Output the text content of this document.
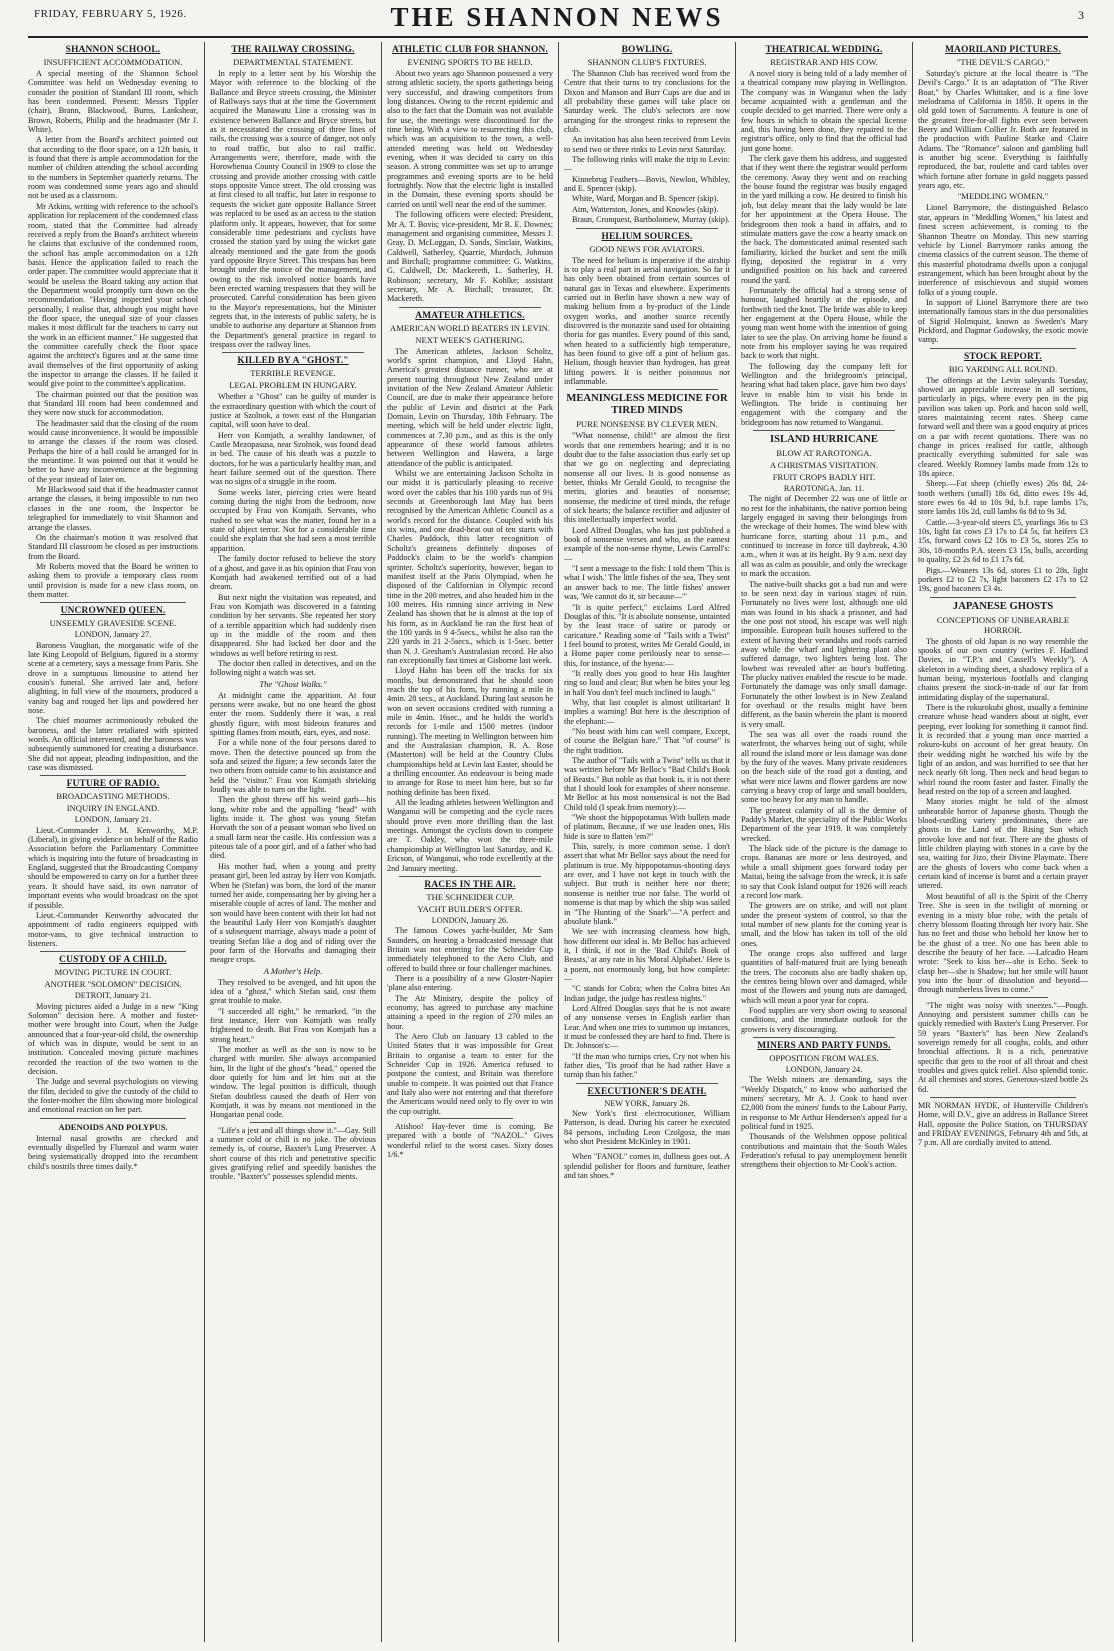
FRIDAY, FEBRUARY 5, 1926.	THE SHANNON NEWS	3
SHANNON SCHOOL.
INSUFFICIENT ACCOMMODATION.

A special meeting of the Shannon School Committee was held on Wednesday evening to consider the position of Standard III room, which has been condemned. Present: Messrs Tippler (chair), Brann, Blackwood, Burns, Lankshear, Brown, Roberts, Philip and the headmaster (Mr J. White).

A letter from the Board's architect pointed out that according to the floor space, on a 12ft basis, it is found that there is ample accommodation for the number of children attending the school according to the numbers in September quarterly returns. The room was condemned some years ago and should not be used as a classroom.

Mr Atkins, writing with reference to the school's application for replacement of the condemned class room, stated that the Committee had already received a reply from the Board's architect wherein he claims that exclusive of the condemned room, the school has ample accommodation on a 12ft basis. Hence the application failed to reach the order paper. The committee would appreciate that it would be useless the Board taking any action that the Department would promptly turn down on the recommendation. "Having inspected your school personally, I realise that, although you might have the floor space, the unequal size of your classes makes it most difficult for the teachers to carry out the work in an efficient manner." He suggested that the committee carefully check the floor space against the architect's figures and at the same time avail themselves of the first opportunity of asking the inspector to arrange the classes. If he failed it would give point to the committee's application.

The chairman pointed out that the position was that Standard III room had been condemned and they were now stuck for accommodation.

The headmaster said that the closing of the room would cause inconvenience. It would be impossible to arrange the classes if the room was closed. Perhaps the hire of a hall could be arranged for in the meantime. It was pointed out that it would be better to have any inconvenience at the beginning of the year instead of later on.

Mr Blackwood said that if the headmaster cannot arrange the classes, it being impossible to run two classes in the one room, the Inspector be telegraphed for immediately to visit Shannon and arrange the classes.

On the chairman's motion it was resolved that Standard III classroom be closed as per instructions from the Board.

Mr Roberts moved that the Board be written to asking them to provide a temporary class room until provision is made for a new class room, on them matter.

UNCROWNED QUEEN.
UNSEEMLY GRAVESIDE SCENE.
LONDON, January 27.

Baroness Vaughan, the morganatic wife of the late King Leopold of Belgium, figured in a stormy scene at a cemetery, says a message from Paris. She drove in a sumptuous limousine to attend her cousin's funeral. She arrived late and, before alighting, in full view of the mourners, produced a vanity bag and rouged her lips and powdered her nose.

The chief mourner acrimoniously rebuked the baroness, and the latter retaliated with spirited words. An official intervened, and the baroness was subsequently summoned for creating a disturbance. She did not appear, pleading indisposition, and the case was dismissed.

FUTURE OF RADIO.
BROADCASTING METHODS.
INQUIRY IN ENGLAND.
LONDON, January 21.

Lieut.-Commander J. M. Kenworthy, M.P. (Liberal), in giving evidence on behalf of the Radio Association before the Parliamentary Committee which is inquiring into the future of broadcasting in England, suggested that the Broadcasting Company should be empowered to carry on for a further three years. It should have said, its own narrator of important events who would broadcast on the spot if possible.

Lieut.-Commander Kenworthy advocated the appointment of radio engineers equipped with motor-vans, to give technical instruction to listeners.

CUSTODY OF A CHILD.
MOVING PICTURE IN COURT.
ANOTHER "SOLOMON" DECISION.
DETROIT, January 21.

Moving pictures aided a Judge in a new "King Solomon" decision here. A mother and foster-mother were brought into Court, when the Judge announced that a four-year-old child, the ownership of which was in dispute, would be sent to an institution. Concealed moving picture machines recorded the reaction of the two women to the decision.

The Judge and several psychologists on viewing the film, decided to give the custody of the child to the foster-mother the film showing more biological and emotional reaction on her part.

ADENOIDS AND POLYPUS.

Internal nasal growths are checked and eventually dispelled by Fluenzol and warm water being systematically dropped into the recumbent child's nostrils three times daily.*

THE RAILWAY CROSSING.
DEPARTMENTAL STATEMENT.

In reply to a letter sent by his Worship the Mayor with reference to the blocking of the Ballance and Bryce streets crossing, the Minister of Railways says that at the time the Government acquired the Manawatu Line a crossing was in existence between Ballance and Bryce streets, but as it necessitated the crossing of three lines of rails, the crossing was a source of danger, not only to road traffic, but also to rail traffic. Arrangements were, therefore, made with the Horowhenua County Council in 1909 to close the crossing and provide another crossing with cattle stops opposite Vance street. The old crossing was at first closed to all traffic, but later in response to requests the wicket gate opposite Ballance Street was replaced to be used as an access to the station platform only. It appears, however, that for some considerable time pedestrians and cyclists have crossed the station yard by using the wicket gate already mentioned and the gate from the goods yard opposite Bryce Street. This trespass has been brought under the notice of the management, and owing to the risk involved notice boards have been erected warning trespassers that they will be prosecuted. Careful consideration has been given to the Mayor's representations, but the Minister regrets that, in the interests of public safety, he is unable to authorise any departure at Shannon from the Department's general practice in regard to trespass over the railway lines.

KILLED BY A "GHOST."
TERRIBLE REVENGE.
LEGAL PROBLEM IN HUNGARY.

Whether a "Ghost" can be guilty of murder is the extraordinary question with which the court of justice at Szolnok, a town east of the Hungarian capital, will soon have to deal.

Herr von Komjath, a wealthy landowner, of Castle Mezopasusa, near Szolnok, was found dead in bed. The cause of his death was a puzzle to doctors, for he was a particularly healthy man, and heart failure seemed out of the question. There was no signs of a struggle in the room.

Some weeks later, piercing cries were heard coming during the night from the bedroom, now occupied by Frau von Komjath. Servants, who rushed to see what was the matter, found her in a state of abject terror. Not for a considerable time could she explain that she had seen a most terrible apparition.

The family doctor refused to believe the story of a ghost, and gave it as his opinion that Frau von Komjath had awakened terrified out of a bad dream.

But next night the visitation was repeated, and Frau von Komjath was discovered in a fainting condition by her servants. She repeated her story of a terrible apparition which had suddenly risen up in the middle of the room and then disappeared. She had locked her door and the windows as well before retiring to rest.

The doctor then called in detectives, and on the following night a watch was set.

The "Ghost Walks."

At midnight came the apparition. At four persons were awake, but no one heard the ghost enter the room. Suddenly there it was, a real ghostly figure, with most hideous features and spitting flames from mouth, ears, eyes, and nose.

For a while none of the four persons dared to move. Then the detective pounced up from the sofa and seized the figure; a few seconds later the two others from outside came to his assistance and held the "visitor." Frau von Komjath shrieking loudly was able to turn on the light.

Then the ghost threw off his weird garb—his long, white robe and the appalling "head" with lights inside it. The ghost was young Stefan Horvath the son of a peasant woman who lived on a small farm near the castle. His confession was a piteous tale of a poor girl, and of a father who had died.

His mother had, when a young and pretty peasant girl, been led astray by Herr von Komjath. When he (Stefan) was born, the lord of the manor turned her aside, compensating her by giving her a miserable couple of acres of land. The mother and son would have been content with their lot had not the beautiful Lady Herr von Komjath's daughter of a subsequent marriage, always made a point of treating Stefan like a dog and of riding over the poor farm of the Horvaths and damaging their meagre crops.

A Mother's Help.

They resolved to be avenged, and hit upon the idea of a "ghost," which Stefan said, cost them great trouble to make.

"I succeeded all right," he remarked, "in the first instance, Herr von Komjath was really frightened to death. But Frau von Komjath has a strong heart."

The mother as well as the son is now to be charged with murder. She always accompanied him, lit the light of the ghost's "head," opened the door quietly for him and let him out at the window. The legal position is difficult, though Stefan doubtless caused the death of Herr von Komjath, it was by means not mentioned in the Hungarian penal code.

"Life's a jest and all things show it."—Gay. Still a summer cold or chill is no joke. The obvious remedy is, of course, Baxter's Lung Preserver. A short course of this rich and penetrative specific gives gratifying relief and speedily banishes the trouble. "Baxter's" possesses splendid ments.

ATHLETIC CLUB FOR SHANNON.
EVENING SPORTS TO BE HELD.

About two years ago Shannon possessed a very strong athletic society, the sports gatherings being very successful, and drawing competitors from long distances. Owing to the recent epidemic and also to the fact that the Domain was not available for use, the meetings were discontinued for the time being. With a view to resurrecting this club, which was an acquisition to the town, a well-attended meeting was held on Wednesday evening, when it was decided to carry on this season. A strong committee was set up to arrange programmes and evening sports are to be held fortnightly. Now that the electric light is installed in the Domain, these evening sports should be carried on until well near the end of the summer.

The following officers were elected: President, Mr A. T. Bovis; vice-president, Mr R. E. Downes; management and organising committee, Messrs J. Gray, D. McLoggan, D. Sands, Sinclair, Watkins, Caldwell, Satherley, Quarrie, Murdoch, Johnson and Birchall; programme committee: G. Watkins, G. Caldwell, Dr. Mackereth, L. Satherley, H. Robinson; secretary, Mr F. Kohlke; assistant secretary, Mr A. Birchall; treasurer, Dr. Mackereth.

AMATEUR ATHLETICS.
AMERICAN WORLD BEATERS IN LEVIN.
NEXT WEEK'S GATHERING.

The American athletes, Jackson Scholtz, world's sprint champion, and Lloyd Hahn, America's greatest distance runner, who are at present touring throughout New Zealand under invitation of the New Zealand Amateur Athletic Council, are due to make their appearance before the public of Levin and district at the Park Domain, Levin on Thursday, 18th February. The meeting, which will be held under electric light, commences at 7.30 p.m., and as this is the only appearance of these world famous athletes between Wellington and Hawera, a large attendance of the public is anticipated.

Whilst we are entertaining Jackson Scholtz in our midst it is particularly pleasing to receive word over the cables that his 100 yards run of 9¾ seconds at Greenborough last May has been recognised by the American Athletic Council as a world's record for the distance. Coupled with his six wins, and one dead-heat out of ten starts with Charles Paddock, this latter recognition of Scholtz's greatness definitely disposes of Paddock's claim to be the world's champion sprinter. Scholtz's superiority, however, began to manifest itself at the Paris Olympiad, when he disposed of the Californian in Olympic record time in the 200 metres, and also headed him in the 100 metres. His running since arriving in New Zealand has shown that he is almost at the top of his form, as in Auckland he ran the first heat of the 100 yards in 9 4-5secs., whilst he also ran the 220 yards in 21 2-5secs., which is 1-5sec. better than N. J. Gresham's Australasian record. He also ran exceptionally fast times at Gisborne last week.

Lloyd Hahn has been off the tracks for six months, but demonstrated that he should soon reach the top of his form, by running a mile in 4min. 28 secs., at Auckland. During last season he won on seven occasions credited with running a mile in 4min. 16sec., and he holds the world's records for 1-mile and 1500 metres (indoor running). The meeting in Wellington between him and the Australasian champion, R. A. Rose (Masterton) will be held at the Country Clubs championships held at Levin last Easter, should be a thrilling encounter. An endeavour is being made to arrange for Rose to meet him here, but so far nothing definite has been fixed.

All the leading athletes between Wellington and Wanganui will be competing and the cycle races should prove even more thrilling than the last meetings. Amongst the cyclists down to compete are T. Oakley, who won the three-mile championship at Wellington last Saturday, and K. Ericson, of Wanganui, who rode excellently at the 2nd January meeting.

RACES IN THE AIR.
THE SCHNEIDER CUP.
YACHT BUILDER'S OFFER.
LONDON, January 26.

The famous Cowes yacht-builder, Mr Sam Saunders, on hearing a broadcasted message that Britain was not entering for the Schneider Cup immediately telephoned to the Aero Club, and offered to build three or four challenger machines.

There is a possibility of a new Gloster-Napier 'plane also entering.

The Air Ministry, despite the policy of economy, has agreed to purchase any machine attaining a speed in the region of 270 miles an hour.

The Aero Club on January 13 cabled to the United States that it was impossible for Great Britain to organise a team to enter for the Schneider Cup in 1926. America refused to postpone the contest, and Britain was therefore unable to compete. It was pointed out that France and Italy also were not entering and that therefore the Americans would need only to fly over to win the cup outright.

Atishoo! Hay-fever time is coming. Be prepared with a bottle of "NAZOL." Gives wonderful relief to the worst cases. Sixty doses 1/6.*

BOWLING.
SHANNON CLUB'S FIXTURES.

The Shannon Club has received word from the Centre that their turns to try conclusions for the Dixon and Manson and Burr Cups are due and in all probability these games will take place on Saturday week. The club's selectors are now arranging for the strongest rinks to represent the club.

An invitation has also been received from Levin to send two or three rinks to Levin next Saturday.

The following rinks will make the trip to Levin:—

Kinnebrug Feathers—Bovis, Newlon, Whibley, and E. Spencer (skip).

White, Ward, Morgan and B. Spencer (skip).

Aim, Watterston, Jones, and Knowles (skip).

Braun, Cronquest, Bartholomew, Murray (skip).

HELIUM SOURCES.
GOOD NEWS FOR AVIATORS.

The need for helium is imperative if the airship is to play a real part in aerial navigation. So far it has only been obtained from certain sources of natural gas in Texas and elsewhere. Experiments carried out in Berlin have shown a new way of making helium from a by-product of the Linde oxygen works, and another source recently discovered is the monazite sand used for obtaining thoria for gas mantles. Every pound of this sand, when heated to a sufficiently high temperature, has been found to give off a pint of helium gas. Helium, though heavier than hydrogen, has great lifting powers. It is neither poisonous nor inflammable.

MEANINGLESS MEDICINE FOR TIRED MINDS
PURE NONSENSE BY CLEVER MEN.

"What nonsense, child!" are almost the first words that one remembers hearing; and it is no doubt due to the false association thus early set up that we go on neglecting and depreciating nonsense all our lives. It is good nonsense as better, thinks Mr Gerald Gould, to recognise the merits, glories and beauties of nonsense; nonsense, the medicine of tired minds, the refuge of sick hearts; the balance rectifier and adjuster of this intellectually imperfect world.

Lord Alfred Douglas, who has just published a book of nonsense verses and who, as the earnest example of the non-sense rhyme, Lewis Carroll's:—

"I sent a message to the fish: I told them 'This is what I wish.' The little fishes of the sea, They sent an answer back to me. The little fishes' answer was, 'We cannot do it, sir because—'"

"It is quite perfect," exclaims Lord Alfred Douglas of this. "It is absolute nonsense, untainted by the least trace of satire or parody or caricature." Reading some of "Tails with a Twist" I feel bound to protest, writes Mr Gerald Gould, in a Home paper come perilously near to sense—this, for instance, of the hyena:—

"It really does you good to hear His laughter ring so loud and clear; But when he bites your leg in half You don't feel much inclined to laugh."

Why, that last couplet is almost utilitarian! It implies a warning! But here is the description of the elephant:—

"No beast with him can well compare, Except, of course the Belgian hare." That "of course" is the right tradition.

The author of "Tails with a Twist" tells us that it was written before Mr Belloc's "Bad Child's Book of Beasts." But noble as that book is, it is not there that I should look for examples of sheer nonsense. Mr Belloc at his most nonsensical is not the Bad Child told (I speak from memory):—

"We shoot the hippopotamus With bullets made of platinum, Because, if we use leaden ones, His hide is sure to flatten 'em?"

This, surely, is more common sense. I don't assert that what Mr Belloc says about the need for platinum is true. My hippopotamus-shooting days are over, and I have not kept in touch with the subject. But truth is neither here nor there; nonsense is neither true nor false. The world of nonsense is that map by which the ship was sailed in "The Hunting of the Snark"—"A perfect and absolute blank."

We see with increasing clearness how high, how different our ideal is. Mr Belloc has achieved it, I think, if not in the 'Bad Child's Book of Beasts,' at any rate in his 'Moral Alphabet.' Here is a poem, not enormously long, but how complete:—

"C stands for Cobra; when the Cobra bites An Indian judge, the judge has restless nights."

Lord Alfred Douglas says that he is not aware of any nonsense verses in English earlier than Lear. And when one tries to summon up instances, it must be confessed they are hard to find. There is Dr. Johnson's:—

"If the man who turnips cries, Cry not when his father dies, 'Tis proof that he had rather Have a turnip than his father."

EXECUTIONER'S DEATH.
NEW YORK, January 26.

New York's first electrocutioner, William Patterson, is dead. During his career he executed 84 persons, including Leon Czolgosz, the man who shot President McKinley in 1901.

When "FANOL" comes in, dullness goes out. A splendid polisher for floors and furniture, leather and tan shoes.*

THEATRICAL WEDDING.
REGISTRAR AND HIS COW.

A novel story is being told of a lady member of a theatrical company now playing in Wellington. The company was in Wanganui when the lady became acquainted with a gentleman and the couple decided to get married. There were only a few hours in which to obtain the special license and, this having been done, they repaired to the registrar's office, only to find that the official had just gone home.

The clerk gave them his address, and suggested that if they went there the registrar would perform the ceremony. Away they went and on reaching the house found the registrar was busily engaged in the yard milking a cow. He desired to finish his job, but delay meant that the lady would be late for her appointment at the Opera House. The bridegroom then took a hand in affairs, and to stimulate matters gave the cow a hearty smack on the back. The domesticated animal resented such familiarity, kicked the bucket and sent the milk flying, deposited the registrar in a very undignified position on his back and careered round the yard.

Fortunately the official had a strong sense of humour, laughed heartily at the episode, and forthwith tied the knot. The bride was able to keep her engagement at the Opera House, while the young man went home with the intention of going later to see the play. On arriving home he found a note from his employer saying he was required back to work that night.

The following day the company left for Wellington and the bridegroom's principal, hearing what had taken place, gave him two days' leave to enable him to visit his bride in Wellington. The bride is continuing her engagement with the company and the bridegroom has now returned to Wanganui.

ISLAND HURRICANE
BLOW AT RAROTONGA.
A CHRISTMAS VISITATION.
FRUIT CROPS BADLY HIT.
RAROTONGA, Jan. 11.

The night of December 22 was one of little or no rest for the inhabitants, the native portion being largely engaged in saving their belongings from the wreckage of their homes. The wind blew with hurricane force, starting about 11 p.m., and continued to increase in force till daybreak, 4.30 a.m., when it was at its height. By 9 a.m. next day all was as calm as possible, and only the wreckage to mark the occasion.

The native-built shacks got a bad run and were to be seen next day in various stages of ruin. Fortunately no lives were lost, although one old man was found in his shack a prisoner, and had the one post not stood, his escape was well nigh impossible. European built houses suffered to the extent of having their verandahs and roofs carried away while the wharf and lightering plant also suffered damage, two lighters being lost. The lowbest was revealed after an hour's buffeting. The plucky natives enabled the rescue to be made. Fortunately the damage was only small damage. Fortunately the other lowbest is in New Zealand for overhaul or the results might have been different, as the basin wherein the plant is moored is very small.

The sea was all over the roads round the waterfront, the wharves being out of sight, while all round the island more or less damage was done by the fury of the waves. Many private residences on the beach side of the road got a dusting, and what were nice lawns and flower gardens are now carrying a heavy crop of large and small boulders, some too heavy for any man to handle.

The greatest calamity of all is the demise of Paddy's Market, the speciality of the Public Works Department of the year 1919. It was completely wrecked.

The black side of the picture is the damage to crops. Bananas are more or less destroyed, and while a small shipment goes forward today per Maitai, being the salvage from the wreck, it is safe to say that Cook Island output for 1926 will reach a record low mark.

The growers are on strike, and will not plant under the present system of control, so that the total number of new plants for the coming year is small, and the blow has taken its toll of the old ones.

The orange crops also suffered and large quantities of half-matured fruit are lying beneath the trees. The coconuts also are badly shaken up, the centres being blown over and damaged, while most of the flowers and young nuts are damaged, which will mean a poor year for copra.

Food supplies are very short owing to seasonal conditions, and the immediate outlook for the growers is very discouraging.

MINERS AND PARTY FUNDS.
OPPOSITION FROM WALES.
LONDON, January 24.

The Welsh miners are demanding, says the "Weekly Dispatch," to know who authorised the miners' secretary, Mr A. J. Cook to hand over £2,000 from the miners' funds to the Labour Party, in response to Mr Arthur Henderson's appeal for a political fund in 1925.

Thousands of the Welshmen oppose political contributions and maintain that the South Wales Federation's refusal to pay unemployment benefit strengthens their objection to Mr Cook's action.

MAORILAND PICTURES.
"THE DEVIL'S CARGO."

Saturday's picture at the local theatre is "The Devil's Cargo." It is an adaptation of "The River Boat," by Charles Whittaker, and is a fine love melodrama of California in 1850. It opens in the old gold town of Sacramento. A feature is one of the greatest free-for-all fights ever seen between Beery and William Collier Jr. Both are featured in the production with Pauline Starke and Claire Adams. The "Romance" saloon and gambling hall is another big scene. Everything is faithfully reproduced, the bar, roulette and card tables over which fortune after fortune in gold nuggets passed years ago, etc.

"MEDDLING WOMEN."

Lionel Barrymore, the distinguished Belasco star, appears in "Meddling Women," his latest and finest screen achievement, is coming to the Shannon Theatre on Monday. This new starring vehicle by Lionel Barrymore ranks among the cinema classics of the current season. The theme of this masterful photodrama dwells upon a conjugal estrangement, which has been brought about by the interference of mischievous and stupid women folks of a young couple.

In support of Lionel Barrymore there are two internationally famous stars in the duo personalities of Sigrid Holmquist, known as Sweden's Mary Pickford, and Dagmar Godowsky, the exotic movie vamp.

STOCK REPORT.
BIG YARDING ALL ROUND.

The offerings at the Levin saleyards Tuesday, showed an appreciable increase in all sections, particularly in pigs, where every pen in the pig pavilion was taken up. Pork and bacon sold well, stores maintaining recent rates. Sheep came forward well and there was a good enquiry at prices on a par with recent quotations. There was no change in prices realised for cattle, although practically everything submitted for sale was cleared. Weekly Romney lambs made from 12s to 18s apiece.

Sheep.—Fat sheep (chiefly ewes) 26s 8d, 24-tooth wethers (small) 18s 6d, ditto ewes 19s 4d, store ewes 6s 4d to 10s 9d, b.f. rape lambs 17s, store lambs 10s 2d, cull lambs 6s 8d to 9s 3d.

Cattle.—3-year-old steers £5, yearlings 36s to £3 10s, light fat cows £3 17s to £4 5s, fat heifers £3 15s, forward cows £2 10s to £3 5s, stores 25s to 30s, 18-months P.A. steers £3 15s, bulls, according to quality, £2 2s 6d to £1 17s 6d.

Pigs.—Weaners 13s 6d, stores £1 to 28s, light porkers £2 to £2 7s, light baconers £2 17s to £2 19s, good baconers £3 4s.

JAPANESE GHOSTS
CONCEPTIONS OF UNBEARABLE HORROR.

The ghosts of old Japan is no way resemble the spooks of our own country (writes F. Hadland Davies, in "T.P.'s and Cassell's Weekly"). A skeleton in a winding sheet, a shadowy replica of a human being, mysterious footfalls and clanging chains present the stock-in-trade of our far from intimidating display of the supernatural.

There is the rokurokubi ghost, usually a feminine creature whose head wanders about at night, ever peeping, ever looking for something it cannot find. It is recorded that a young man once married a rokuro-kubi on account of her great beauty. On their wedding night he watched his wife by the light of an andon, and was horrified to see that her neck nearly 6ft long. Then neck and head began to whirl round the room faster and faster. Finally the head rested on the top of a screen and laughed.

Many stories might be told of the almost unbearable horror of Japanese ghosts. Though the blood-curdling variety predominates, there are ghosts in the Land of the Rising Sun which provoke love and not fear. There are the ghosts of little children playing with stones in a cave by the sea, waiting for Jizo, their Divine Playmate. There are the ghosts of lovers who come back when a certain kind of incense is burnt and a certain prayer uttered.

Most beautiful of all is the Spirit of the Cherry Tree. She is seen in the twilight of morning or evening in a misty blue robe, with the petals of cherry blossom floating through her ivory hair. She has no feet and those who behold her know her to be the ghost of a tree. No one has been able to describe the beauty of her face. —Lafcadio Hearn wrote: "Seek to kiss her—she is Echo. Seek to clasp her—she is Shadow; but her smile will haunt you into the hour of dissolution and beyond—through numberless lives to come."

"The night was noisy with sneezes."—Pough. Annoying and persistent summer chills can be quickly remedied with Baxter's Lung Preserver. For 59 years "Baxter's" has been New Zealand's sovereign remedy for all coughs, colds, and other bronchial affections. It is a rich, penetrative specific that gets to the root of all throat and chest troubles and gives quick relief. Also splendid tonic. At all chemists and stores. Generous-sized bottle 2s 6d.

MR NORMAN HYDE, of Hunterville Children's Home, will D.V., give an address in Ballance Street Hall, opposite the Police Station, on THURSDAY and FRIDAY EVENINGS, February 4th and 5th, at 7 p.m. All are cordially invited to attend.
